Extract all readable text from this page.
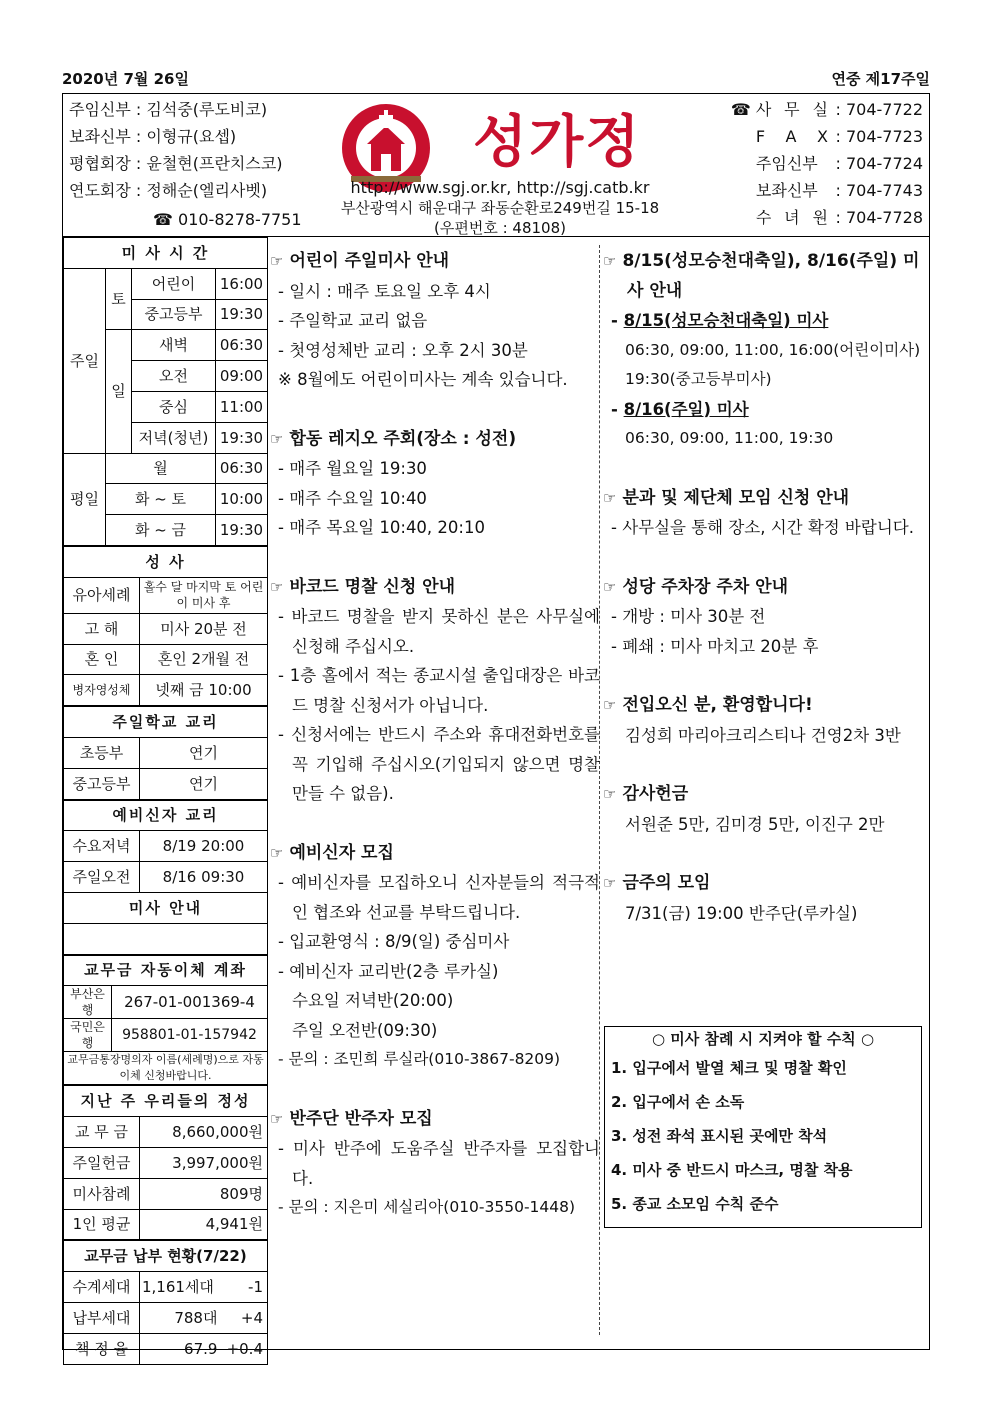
2020년 7월 26일	연중 제17주일
주임신부 : 김석중(루도비코)
보좌신부 : 이형규(요셉)
평협회장 : 윤철현(프란치스코)
연도회장 : 정해순(엘리사벳)
☎ 010-8278-7751
성가정
http://www.sgj.or.kr, http://sgj.catb.kr
부산광역시 해운대구 좌동순환로249번길 15-18
(우편번호 : 48108)
☎ 사 무 실 : 704-7722
F A X : 704-7723
주임신부 : 704-7724
보좌신부 : 704-7743
수 녀 원 : 704-7728
미 사 시 간			
주일	토	어린이	16:00
		중고등부	19:30
	일	새벽	06:30
		오전	09:00
		중심	11:00
		저녁(청년)	19:30
평일	월		06:30
	화 ~ 토		10:00
	화 ~ 금		19:30
성 사	
유아세례	홀수 달 마지막 토 어린이 미사 후
고 해	미사 20분 전
혼 인	혼인 2개월 전
병자영성체	넷째 금 10:00
주일학교 교리	
초등부	연기
중고등부	연기
예비신자 교리	
수요저녁	8/19 20:00
주일오전	8/16 09:30
미사 안내	

교무금 자동이체 계좌	
부산은행	267-01-001369-4
국민은행	958801-01-157942
교무금통장명의자 이름(세례명)으로 자동이체 신청바랍니다.	
지난 주 우리들의 정성	
교 무 금	8,660,000원
주일헌금	3,997,000원
미사참례	809명
1인 평균	4,941원
교무금 납부 현황(7/22)		
수계세대	1,161세대	-1
납부세대	788대	+4
책 정 율	67.9	+0.4
☞ 어린이 주일미사 안내
- 일시 : 매주 토요일 오후 4시
- 주일학교 교리 없음
- 첫영성체반 교리 : 오후 2시 30분
※ 8월에도 어린이미사는 계속 있습니다.
☞ 합동 레지오 주회(장소 : 성전)
- 매주 월요일 19:30
- 매주 수요일 10:40
- 매주 목요일 10:40, 20:10
☞ 바코드 명찰 신청 안내
- 바코드 명찰을 받지 못하신 분은 사무실에 신청해 주십시오.
- 1층 홀에서 적는 종교시설 출입대장은 바코드 명찰 신청서가 아닙니다.
- 신청서에는 반드시 주소와 휴대전화번호를 꼭 기입해 주십시오(기입되지 않으면 명찰 만들 수 없음).
☞ 예비신자 모집
- 예비신자를 모집하오니 신자분들의 적극적인 협조와 선교를 부탁드립니다.
- 입교환영식 : 8/9(일) 중심미사
- 예비신자 교리반(2층 루카실)
수요일 저녁반(20:00)
주일 오전반(09:30)
- 문의 : 조민희 루실라(010-3867-8209)
☞ 반주단 반주자 모집
- 미사 반주에 도움주실 반주자를 모집합니다.
- 문의 : 지은미 세실리아(010-3550-1448)
☞ 8/15(성모승천대축일), 8/16(주일) 미사 안내
- 8/15(성모승천대축일) 미사
06:30, 09:00, 11:00, 16:00(어린이미사) 19:30(중고등부미사)
- 8/16(주일) 미사
06:30, 09:00, 11:00, 19:30
☞ 분과 및 제단체 모임 신청 안내
- 사무실을 통해 장소, 시간 확정 바랍니다.
☞ 성당 주차장 주차 안내
- 개방 : 미사 30분 전
- 폐쇄 : 미사 마치고 20분 후
☞ 전입오신 분, 환영합니다!
김성희 마리아크리스티나 건영2차 3반
☞ 감사헌금
서원준 5만, 김미경 5만, 이진구 2만
☞ 금주의 모임
7/31(금) 19:00 반주단(루카실)
○ 미사 참례 시 지켜야 할 수칙 ○
1. 입구에서 발열 체크 및 명찰 확인
2. 입구에서 손 소독
3. 성전 좌석 표시된 곳에만 착석
4. 미사 중 반드시 마스크, 명찰 착용
5. 종교 소모임 수칙 준수
